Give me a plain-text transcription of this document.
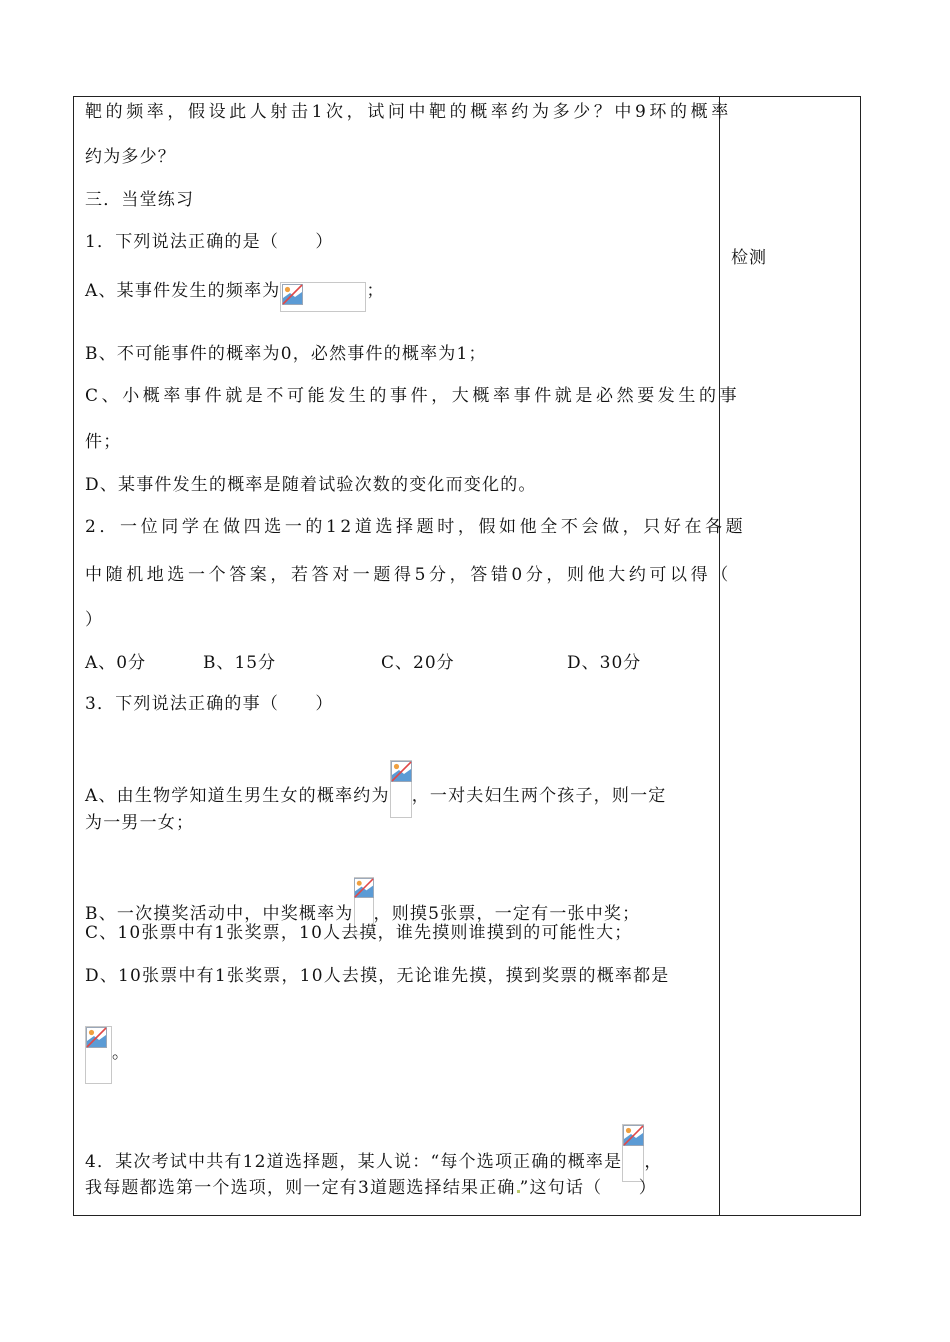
检测
靶的频率，假设此人射击1次，试问中靶的概率约为多少？中9环的概率
约为多少？
三．当堂练习
1．下列说法正确的是（　　）
A、某事件发生的频率为	；
B、不可能事件的概率为0，必然事件的概率为1；
C、小概率事件就是不可能发生的事件，大概率事件就是必然要发生的事
件；
D、某事件发生的概率是随着试验次数的变化而变化的。
2．一位同学在做四选一的12道选择题时，假如他全不会做，只好在各题
中随机地选一个答案，若答对一题得5分，答错0分，则他大约可以得（
）
A、0分	B、15分	C、20分	D、30分
3．下列说法正确的事（　　）
A、由生物学知道生男生女的概率约为 ，一对夫妇生两个孩子，则一定
为一男一女；
B、一次摸奖活动中，中奖概率为 ，则摸5张票，一定有一张中奖；
C、10张票中有1张奖票，10人去摸，谁先摸则谁摸到的可能性大；
D、10张票中有1张奖票，10人去摸，无论谁先摸，摸到奖票的概率都是
。
4．某次考试中共有12道选择题，某人说：“每个选项正确的概率是 ，
我每题都选第一个选项，则一定有3道题选择结果正确 ”这句话（　　）
